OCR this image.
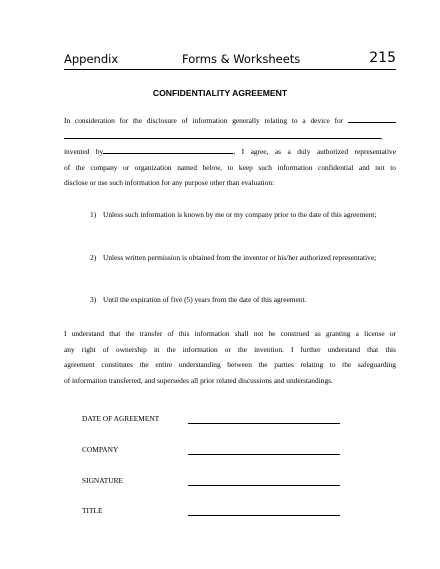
Appendix	Forms & Worksheets	215
CONFIDENTIALITY AGREEMENT
In consideration for the disclosure of information generally relating to a device for
,
invented by	, I agree, as a duly authorized representative
of the company or organization named below, to keep such information confidential and not to
disclose or use such information for any purpose other than evaluation:
1) Unless such information is known by me or my company prior to the date of this agreement;
2) Unless written permission is obtained from the inventor or his/her authorized representative;
3) Until the expiration of five (5) years from the date of this agreement.
I understand that the transfer of this information shall not be construed as granting a license or
any right of ownership in the information or the invention. I further understand that this
agreement constitutes the entire understanding between the parties relating to the safeguarding
of information transferred, and supersedes all prior related discussions and understandings.
DATE OF AGREEMENT
COMPANY
SIGNATURE
TITLE
